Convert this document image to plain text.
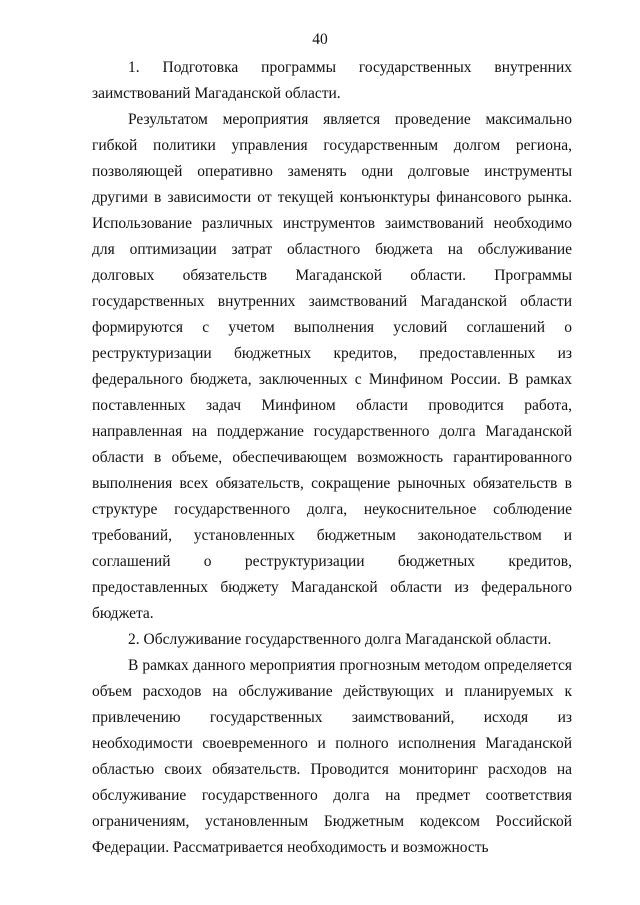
40

1. Подготовка программы государственных внутренних заимствований Магаданской области.

Результатом мероприятия является проведение максимально гибкой политики управления государственным долгом региона, позволяющей оперативно заменять одни долговые инструменты другими в зависимости от текущей конъюнктуры финансового рынка. Использование различных инструментов заимствований необходимо для оптимизации затрат областного бюджета на обслуживание долговых обязательств Магаданской области. Программы государственных внутренних заимствований Магаданской области формируются с учетом выполнения условий соглашений о реструктуризации бюджетных кредитов, предоставленных из федерального бюджета, заключенных с Минфином России. В рамках поставленных задач Минфином области проводится работа, направленная на поддержание государственного долга Магаданской области в объеме, обеспечивающем возможность гарантированного выполнения всех обязательств, сокращение рыночных обязательств в структуре государственного долга, неукоснительное соблюдение требований, установленных бюджетным законодательством и соглашений о реструктуризации бюджетных кредитов, предоставленных бюджету Магаданской области из федерального бюджета.

2. Обслуживание государственного долга Магаданской области.

В рамках данного мероприятия прогнозным методом определяется объем расходов на обслуживание действующих и планируемых к привлечению государственных заимствований, исходя из необходимости своевременного и полного исполнения Магаданской областью своих обязательств. Проводится мониторинг расходов на обслуживание государственного долга на предмет соответствия ограничениям, установленным Бюджетным кодексом Российской Федерации. Рассматривается необходимость и возможность
